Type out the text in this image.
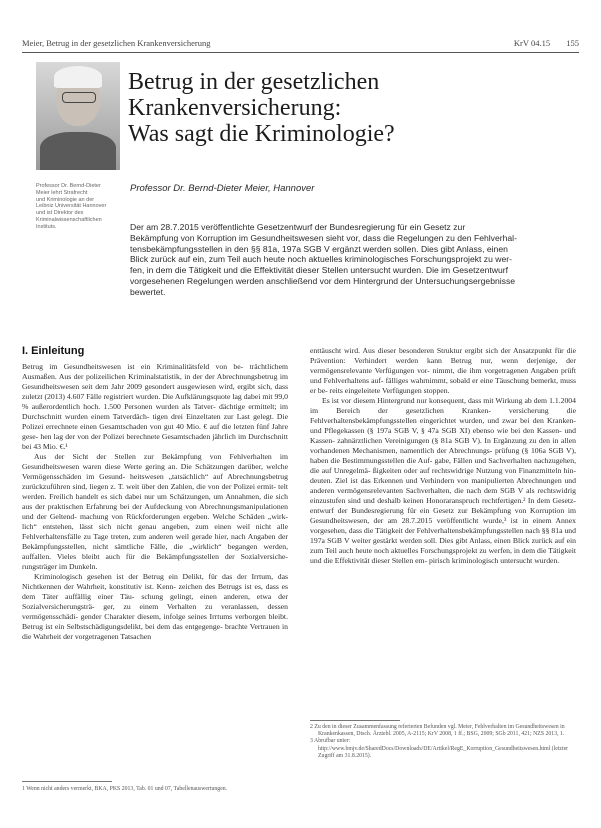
Meier, Betrug in der gesetzlichen Krankenversicherung	KrV 04.15 155
Professor Dr. Bernd-Dieter
Meier lehrt Strafrecht
und Kriminologie an der
Leibniz Universität Hannover
und ist Direktor des
Kriminalwissenschaftlichen
Instituts.
Betrug in der gesetzlichen
Krankenversicherung:
Was sagt die Kriminologie?
Professor Dr. Bernd-Dieter Meier, Hannover
Der am 28.7.2015 veröffentlichte Gesetzentwurf der Bundesregierung für ein Gesetz zur
Bekämpfung von Korruption im Gesundheitswesen sieht vor, dass die Regelungen zu den Fehlverhal-
tensbekämpfungsstellen in den §§ 81a, 197a SGB V ergänzt werden sollen. Dies gibt Anlass, einen
Blick zurück auf ein, zum Teil auch heute noch aktuelles kriminologisches Forschungsprojekt zu wer-
fen, in dem die Tätigkeit und die Effektivität dieser Stellen untersucht wurden. Die im Gesetzentwurf
vorgesehenen Regelungen werden anschließend vor dem Hintergrund der Untersuchungsergebnisse
bewertet.
I. Einleitung

Betrug im Gesundheitswesen ist ein Kriminalitätsfeld von be- trächtlichem Ausmaßen. Aus der polizeilichen Kriminalstatistik, in der der Abrechnungsbetrug im Gesundheitswesen seit dem Jahr 2009 gesondert ausgewiesen wird, ergibt sich, dass zuletzt (2013) 4.607 Fälle registriert wurden. Die Aufklärungsquote lag dabei mit 99,0 % außerordentlich hoch. 1.500 Personen wurden als Tatver- dächtige ermittelt; im Durchschnitt wurden einem Tatverdäch- tigen drei Einzeltaten zur Last gelegt. Die Polizei errechnete einen Gesamtschaden von gut 40 Mio. € auf die letzten fünf Jahre gese- hen lag der von der Polizei berechnete Gesamtschaden jährlich im Durchschnitt bei 43 Mio. €.¹

Aus der Sicht der Stellen zur Bekämpfung von Fehlverhalten im Gesundheitswesen waren diese Werte gering an. Die Schätzungen darüber, welche Vermögensschäden im Gesund- heitswesen „tatsächlich“ auf Abrechnungsbetrug zurückzuführen sind, liegen z. T. weit über den Zahlen, die von der Polizei ermit- telt werden. Freilich handelt es sich dabei nur um Schätzungen, um Annahmen, die sich aus der praktischen Erfahrung bei der Aufdeckung von Abrechnungsmanipulationen und der Geltend- machung von Rückforderungen ergeben. Welche Schäden „wirk- lich“ entstehen, lässt sich nicht genau angeben, zum einen weil nicht alle Fehlverhaltensfälle zu Tage treten, zum anderen weil gerade hier, nach Angaben der Bekämpfungsstellen, nicht sämtliche Fälle, die „wirklich“ begangen werden, auffallen. Vieles bleibt auch für die Bekämpfungsstellen der Sozialversiche- rungsträger im Dunkeln.

Kriminologisch gesehen ist der Betrug ein Delikt, für das der Irrtum, das Nichtkennen der Wahrheit, konstitutiv ist. Kenn- zeichen des Betrugs ist es, dass es dem Täter auffällig einer Täu- schung gelingt, einen anderen, etwa der Sozialversicherungsträ- ger, zu einem Verhalten zu veranlassen, dessen vermögensschädi- gender Charakter diesem, infolge seines Irrtums verborgen bleibt. Betrug ist ein Selbstschädigungsdelikt, bei dem das entgegenge- brachte Vertrauen in die Wahrheit der vorgetragenen Tatsachen

enttäuscht wird. Aus dieser besonderen Struktur ergibt sich der Ansatzpunkt für die Prävention: Verhindert werden kann Betrug nur, wenn derjenige, der vermögensrelevante Verfügungen vor- nimmt, die ihm vorgetragenen Angaben prüft und Fehlverhaltens auf- fälliges wahrnimmt, sobald er eine Täuschung bemerkt, muss er be- reits eingeleitete Verfügungen stoppen.

Es ist vor diesem Hintergrund nur konsequent, dass mit Wirkung ab dem 1.1.2004 im Bereich der gesetzlichen Kranken- versicherung die Fehlverhaltensbekämpfungsstellen eingerichtet wurden, und zwar bei den Kranken- und Pflegekassen (§ 197a SGB V, § 47a SGB XI) ebenso wie bei den Kassen- und Kassen- zahnärztlichen Vereinigungen (§ 81a SGB V). In Ergänzung zu den in allen vorhandenen Mechanismen, namentlich der Abrechnungs- prüfung (§ 106a SGB V), haben die Bestimmungsstellen die Auf- gabe, Fällen und Sachverhalten nachzugehen, die auf Unregelmä- ßigkeiten oder auf rechtswidrige Nutzung von Finanzmitteln hin- deuten. Ziel ist das Erkennen und Verhindern von manipulierten Abrechnungen und anderen vermögensrelevanten Sachverhalten, die nach dem SGB V als rechtswidrig einzustufen sind und deshalb keinen Honoraranspruch rechtfertigen.² In dem Gesetz- entwurf der Bundesregierung für ein Gesetz zur Bekämpfung von Korruption im Gesundheitswesen, der am 28.7.2015 veröffentlicht wurde,³ ist in einem Annex vorgesehen, dass die Tätigkeit der Fehlverhaltensbekämpfungsstellen nach §§ 81a und 197a SGB V weiter gestärkt werden soll. Dies gibt Anlass, einen Blick zurück auf ein zum Teil auch heute noch aktuelles Forschungsprojekt zu werfen, in dem die Tätigkeit und die Effektivität dieser Stellen em- pirisch kriminologisch untersucht wurden.

2 Zu den in dieser Zusammenfassung referierten Befunden vgl. Meier, Fehlverhalten im Gesundheitswesen in Krankenkassen, Dtsch. Ärztebl. 2005, A-2115; KrV 2008, 1 ff.; BSG, 2009; SGb 2011, 421; NZS 2013, 1.
3 Abrufbar unter: http://www.bmjv.de/SharedDocs/Downloads/DE/Artikel/RegE_Korruption_Gesundheitswesen.html (letzter Zugriff am 31.8.2015).
1 Wenn nicht anders vermerkt, BKA, PKS 2013, Tab. 01 und 07, Tabellenauswertungen.
